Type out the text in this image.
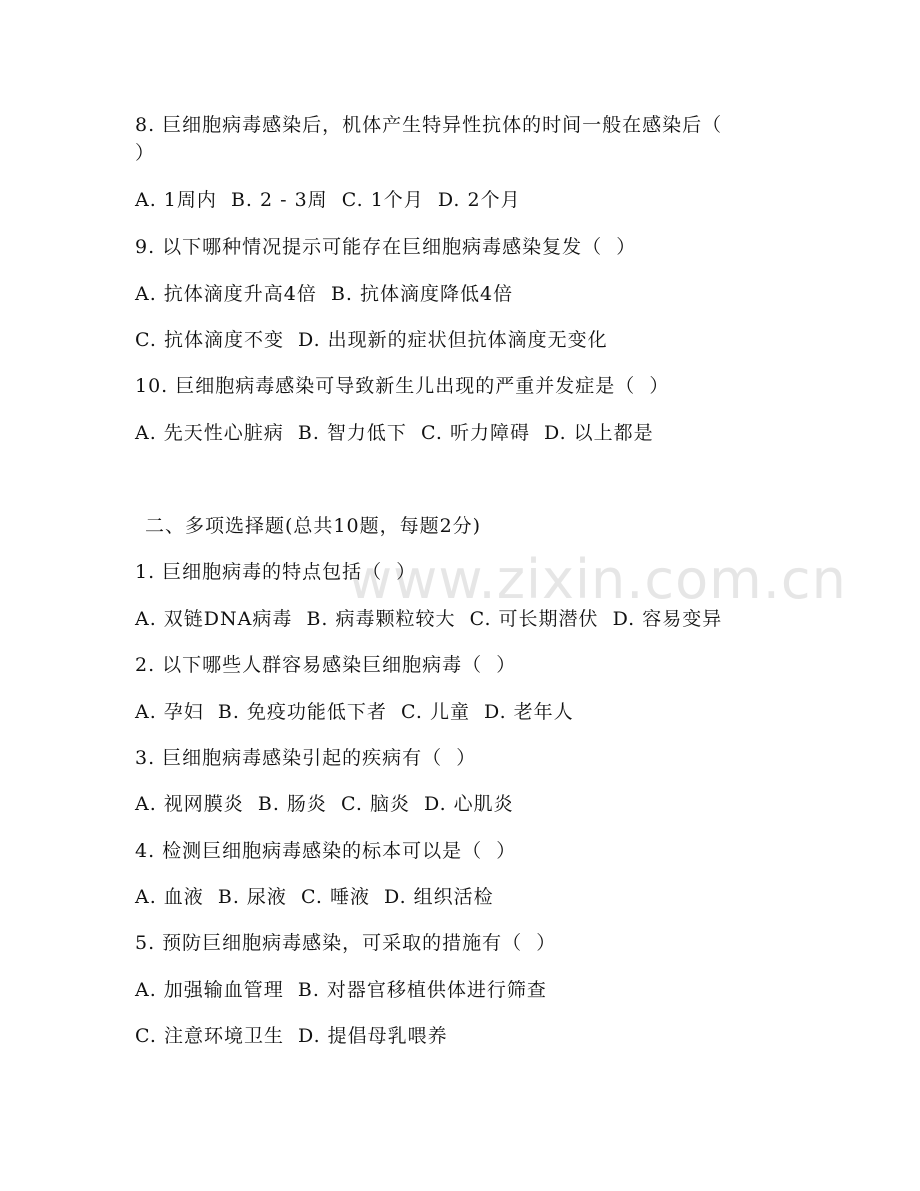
www.zixin.com.cn
8. 巨细胞病毒感染后，机体产生特异性抗体的时间一般在感染后（
）
A. 1周内  B. 2 - 3周  C. 1个月  D. 2个月
9. 以下哪种情况提示可能存在巨细胞病毒感染复发（  ）
A. 抗体滴度升高4倍  B. 抗体滴度降低4倍
C. 抗体滴度不变  D. 出现新的症状但抗体滴度无变化
10. 巨细胞病毒感染可导致新生儿出现的严重并发症是（  ）
A. 先天性心脏病  B. 智力低下  C. 听力障碍  D. 以上都是
二、多项选择题(总共10题，每题2分)
1. 巨细胞病毒的特点包括（  ）
A. 双链DNA病毒  B. 病毒颗粒较大  C. 可长期潜伏  D. 容易变异
2. 以下哪些人群容易感染巨细胞病毒（  ）
A. 孕妇  B. 免疫功能低下者  C. 儿童  D. 老年人
3. 巨细胞病毒感染引起的疾病有（  ）
A. 视网膜炎  B. 肠炎  C. 脑炎  D. 心肌炎
4. 检测巨细胞病毒感染的标本可以是（  ）
A. 血液  B. 尿液  C. 唾液  D. 组织活检
5. 预防巨细胞病毒感染，可采取的措施有（  ）
A. 加强输血管理  B. 对器官移植供体进行筛查
C. 注意环境卫生  D. 提倡母乳喂养
